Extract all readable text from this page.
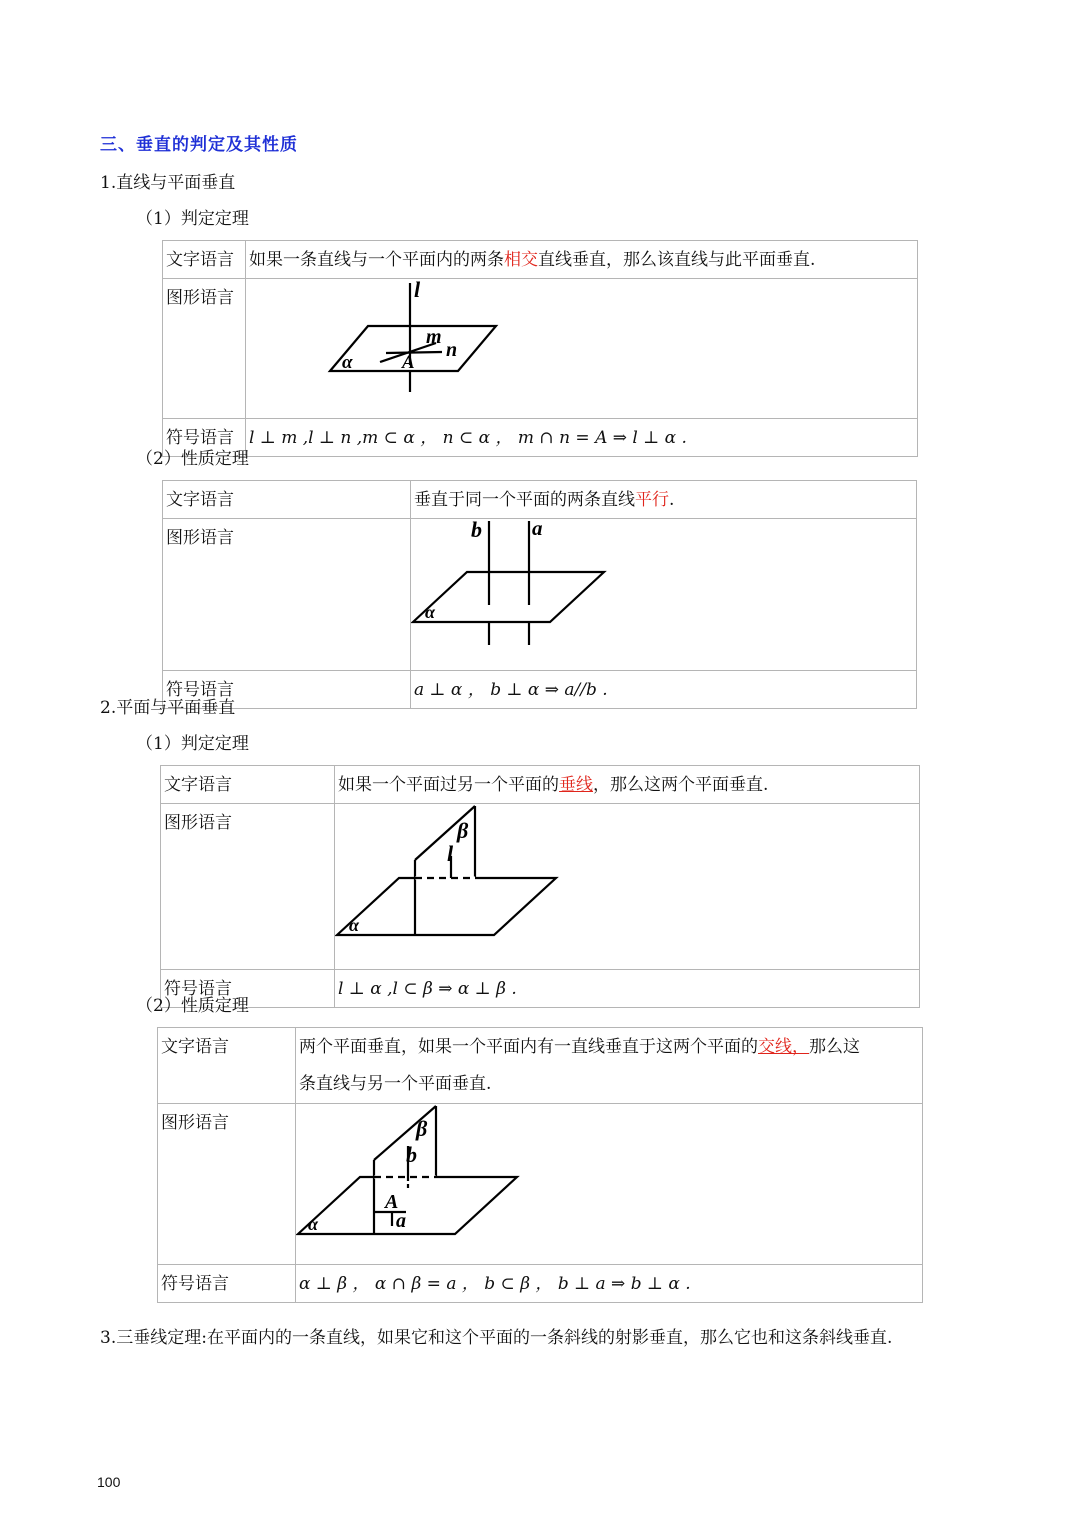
三、垂直的判定及其性质
1.直线与平面垂直
（1）判定定理
文字语言	如果一条直线与一个平面内的两条相交直线垂直，那么该直线与此平面垂直.

图形语言	l
m
n
A
α

符号语言	l ⊥ m ,l ⊥ n ,m ⊂ α ， n ⊂ α ， m ∩ n = A ⇒ l ⊥ α .
（2）性质定理
文字语言	垂直于同一个平面的两条直线平行.

图形语言	b a
α

符号语言	a ⊥ α ， b ⊥ α ⇒ a//b .
2.平面与平面垂直
（1）判定定理
文字语言	如果一个平面过另一个平面的垂线，那么这两个平面垂直.

图形语言	β
l
α

符号语言	l ⊥ α ,l ⊂ β ⇒ α ⊥ β .
（2）性质定理
文字语言	两个平面垂直，如果一个平面内有一直线垂直于这两个平面的交线，那么这
条直线与另一个平面垂直.

图形语言	β
b
A
a
α

符号语言	α ⊥ β ， α ∩ β = a ， b ⊂ β ， b ⊥ a ⇒ b ⊥ α .
3.三垂线定理:在平面内的一条直线，如果它和这个平面的一条斜线的射影垂直，那么它也和这条斜线垂直.
100
